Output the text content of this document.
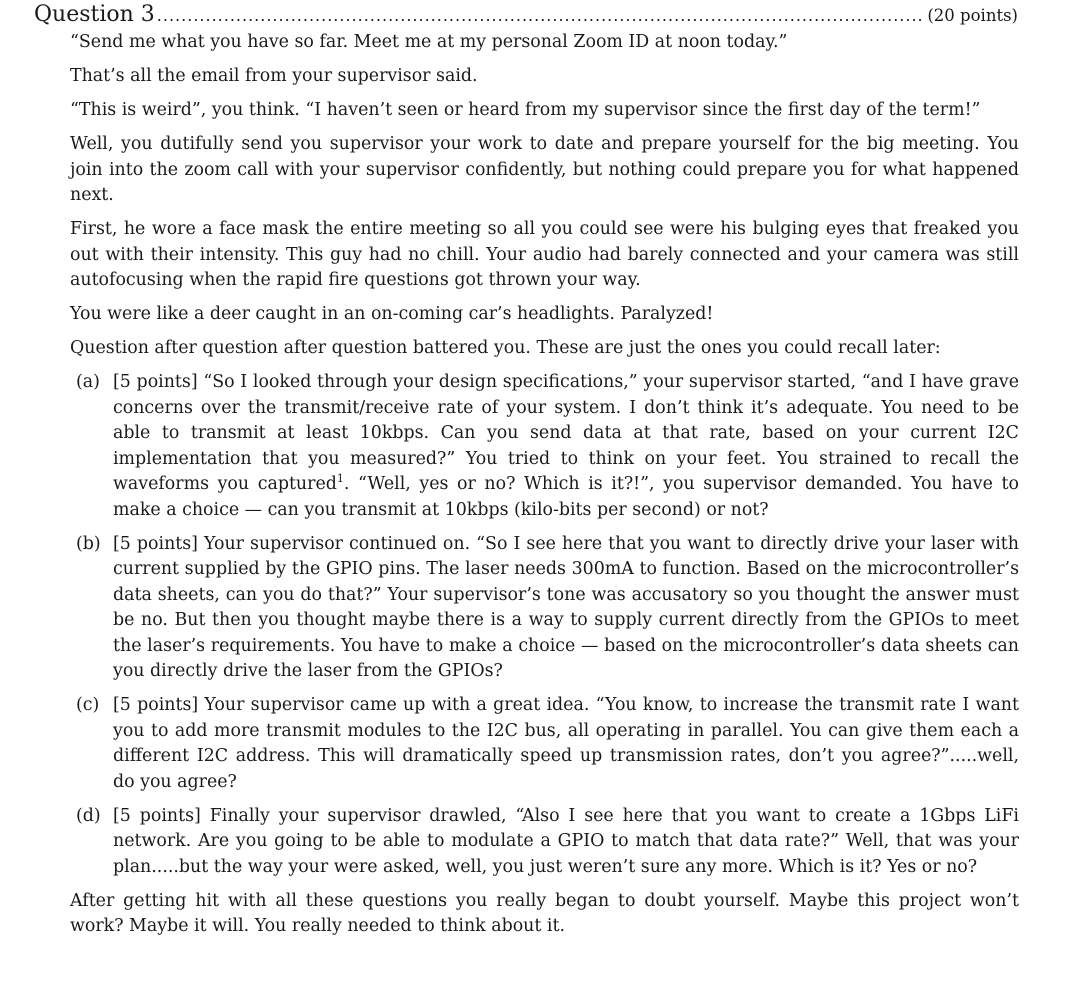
Question 3
.....	(20 points)

“Send me what you have so far. Meet me at my personal Zoom ID at noon today.”

That’s all the email from your supervisor said.

“This is weird”, you think. “I haven’t seen or heard from my supervisor since the first day of the term!”

Well, you dutifully send you supervisor your work to date and prepare yourself for the big meeting. You join into the zoom call with your supervisor confidently, but nothing could prepare you for what happened next.

First, he wore a face mask the entire meeting so all you could see were his bulging eyes that freaked you out with their intensity. This guy had no chill. Your audio had barely connected and your camera was still autofocusing when the rapid fire questions got thrown your way.

You were like a deer caught in an on-coming car’s headlights. Paralyzed!

Question after question after question battered you. These are just the ones you could recall later:

(a) [5 points] “So I looked through your design specifications,” your supervisor started, “and I have grave concerns over the transmit/receive rate of your system. I don’t think it’s adequate. You need to be able to transmit at least 10kbps. Can you send data at that rate, based on your current I2C implementation that you measured?” You tried to think on your feet. You strained to recall the waveforms you captured$^1$. “Well, yes or no? Which is it?!”, you supervisor demanded. You have to make a choice — can you transmit at 10kbps (kilo-bits per second) or not?
(b) [5 points] Your supervisor continued on. “So I see here that you want to directly drive your laser with current supplied by the GPIO pins. The laser needs 300mA to function. Based on the microcontroller’s data sheets, can you do that?” Your supervisor’s tone was accusatory so you thought the answer must be no. But then you thought maybe there is a way to supply current directly from the GPIOs to meet the laser’s requirements. You have to make a choice — based on the microcontroller’s data sheets can you directly drive the laser from the GPIOs?
(c) [5 points] Your supervisor came up with a great idea. “You know, to increase the transmit rate I want you to add more transmit modules to the I2C bus, all operating in parallel. You can give them each a different I2C address. This will dramatically speed up transmission rates, don’t you agree?”.....well, do you agree?
(d) [5 points] Finally your supervisor drawled, “Also I see here that you want to create a 1Gbps LiFi network. Are you going to be able to modulate a GPIO to match that data rate?” Well, that was your plan.....but the way your were asked, well, you just weren’t sure any more. Which is it? Yes or no?

After getting hit with all these questions you really began to doubt yourself. Maybe this project won’t work? Maybe it will. You really needed to think about it.
